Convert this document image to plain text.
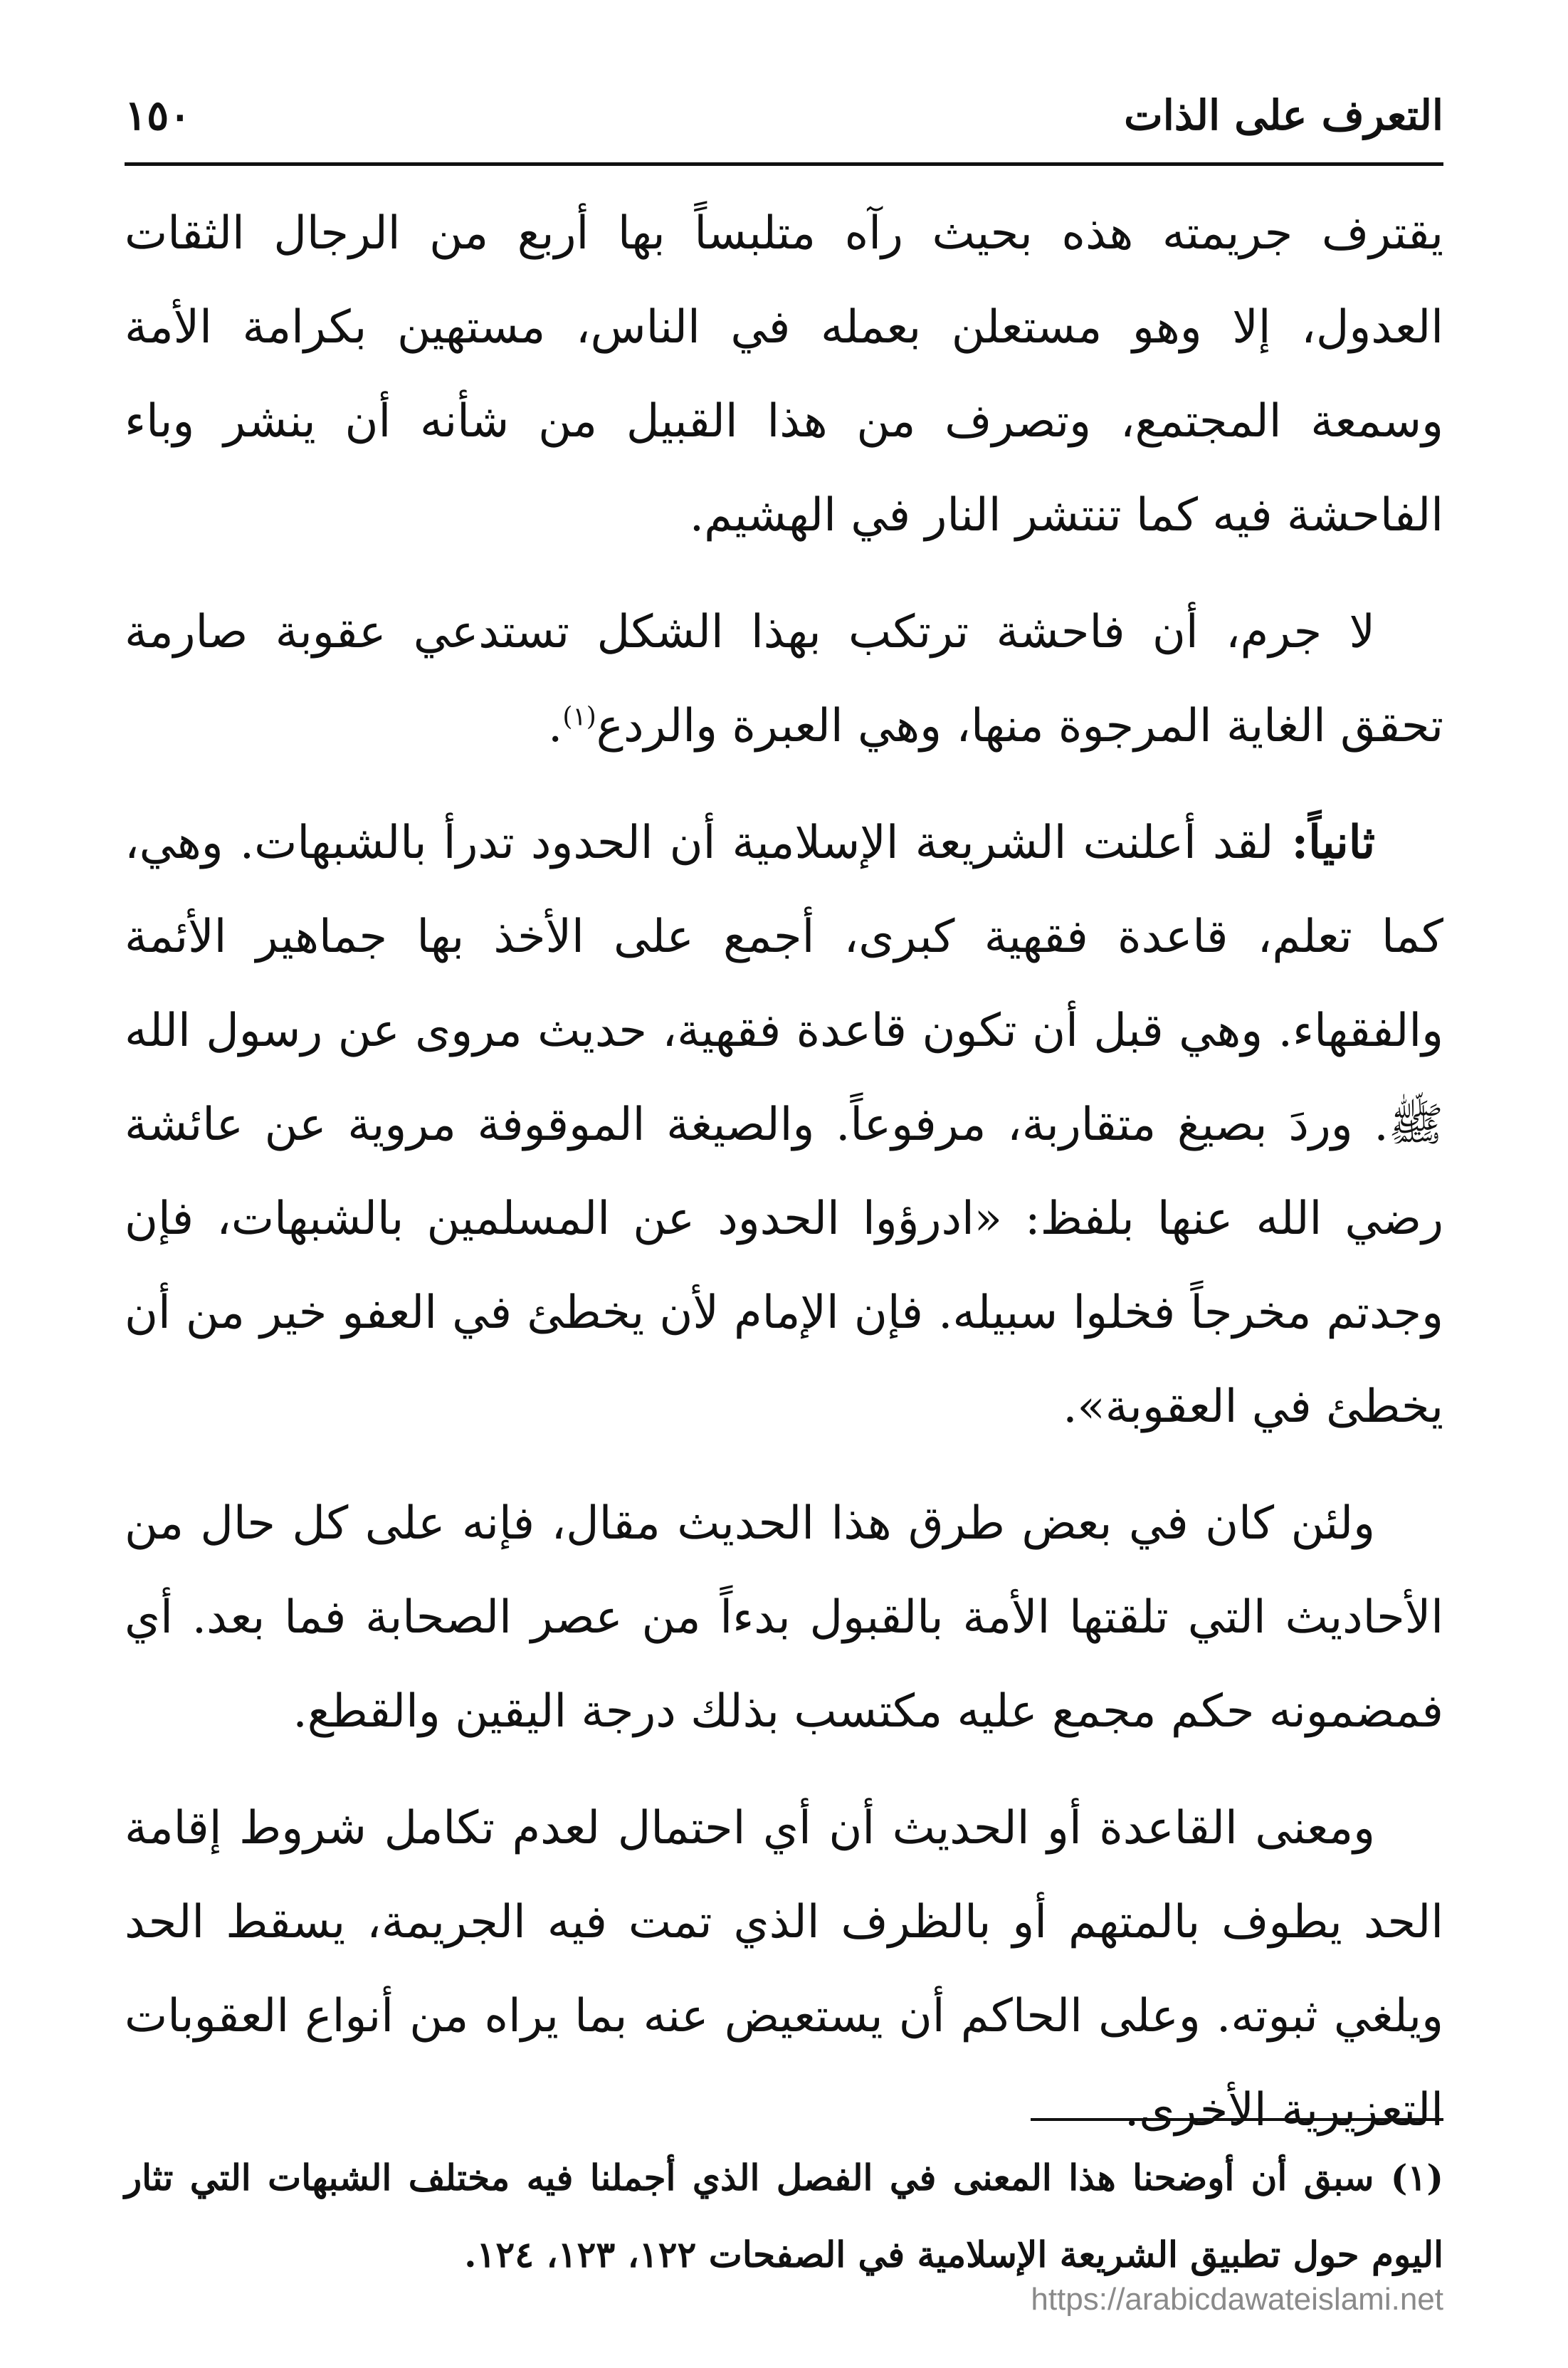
التعرف على الذات
١٥٠

يقترف جريمته هذه بحيث رآه متلبساً بها أربع من الرجال الثقات العدول، إلا وهو مستعلن بعمله في الناس، مستهين بكرامة الأمة وسمعة المجتمع، وتصرف من هذا القبيل من شأنه أن ينشر وباء الفاحشة فيه كما تنتشر النار في الهشيم.

لا جرم، أن فاحشة ترتكب بهذا الشكل تستدعي عقوبة صارمة تحقق الغاية المرجوة منها، وهي العبرة والردع$^{(١)}$.

ثانياً: لقد أعلنت الشريعة الإسلامية أن الحدود تدرأ بالشبهات. وهي، كما تعلم، قاعدة فقهية كبرى، أجمع على الأخذ بها جماهير الأئمة والفقهاء. وهي قبل أن تكون قاعدة فقهية، حديث مروى عن رسول الله ﷺ. وردَ بصيغ متقاربة، مرفوعاً. والصيغة الموقوفة مروية عن عائشة رضي الله عنها بلفظ: «ادرؤوا الحدود عن المسلمين بالشبهات، فإن وجدتم مخرجاً فخلوا سبيله. فإن الإمام لأن يخطئ في العفو خير من أن يخطئ في العقوبة».

ولئن كان في بعض طرق هذا الحديث مقال، فإنه على كل حال من الأحاديث التي تلقتها الأمة بالقبول بدءاً من عصر الصحابة فما بعد. أي فمضمونه حكم مجمع عليه مكتسب بذلك درجة اليقين والقطع.

ومعنى القاعدة أو الحديث أن أي احتمال لعدم تكامل شروط إقامة الحد يطوف بالمتهم أو بالظرف الذي تمت فيه الجريمة، يسقط الحد ويلغي ثبوته. وعلى الحاكم أن يستعيض عنه بما يراه من أنواع العقوبات التعزيرية الأخرى.

(١) سبق أن أوضحنا هذا المعنى في الفصل الذي أجملنا فيه مختلف الشبهات التي تثار اليوم حول تطبيق الشريعة الإسلامية في الصفحات ١٢٢، ١٢٣، ١٢٤.
https://arabicdawateislami.net
